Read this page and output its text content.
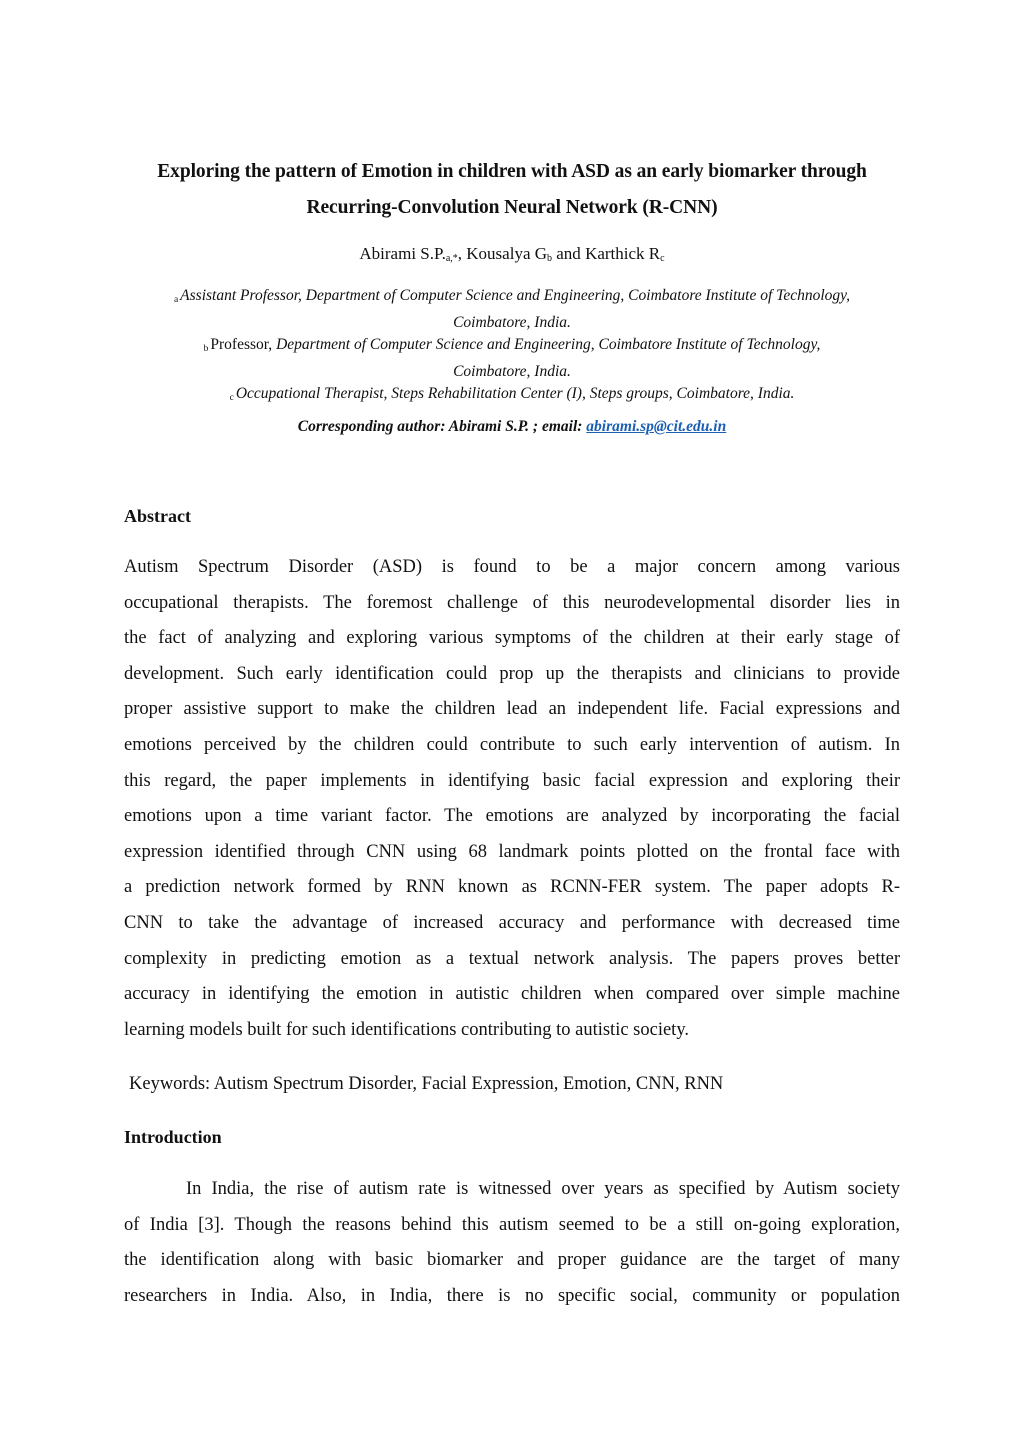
Exploring the pattern of Emotion in children with ASD as an early biomarker through
Recurring-Convolution Neural Network (R-CNN)
Abirami $S.P._{a,*}$, Kousalya $G_b$ and Karthick $R_c$
$_a$ Assistant Professor, Department of Computer Science and Engineering, Coimbatore Institute of Technology,
Coimbatore, India.
$_b$ Professor, Department of Computer Science and Engineering, Coimbatore Institute of Technology,
Coimbatore, India.
$_c$ Occupational Therapist, Steps Rehabilitation Center (I), Steps groups, Coimbatore, India.
Corresponding author: Abirami S.P. ; email: abirami.sp@cit.edu.in
Abstract
Autism Spectrum Disorder (ASD) is found to be a major concern among various
occupational therapists. The foremost challenge of this neurodevelopmental disorder lies in
the fact of analyzing and exploring various symptoms of the children at their early stage of
development. Such early identification could prop up the therapists and clinicians to provide
proper assistive support to make the children lead an independent life. Facial expressions and
emotions perceived by the children could contribute to such early intervention of autism. In
this regard, the paper implements in identifying basic facial expression and exploring their
emotions upon a time variant factor. The emotions are analyzed by incorporating the facial
expression identified through CNN using 68 landmark points plotted on the frontal face with
a prediction network formed by RNN known as RCNN-FER system. The paper adopts R-
CNN to take the advantage of increased accuracy and performance with decreased time
complexity in predicting emotion as a textual network analysis. The papers proves better
accuracy in identifying the emotion in autistic children when compared over simple machine
learning models built for such identifications contributing to autistic society.
Keywords: Autism Spectrum Disorder, Facial Expression, Emotion, CNN, RNN
Introduction
In India, the rise of autism rate is witnessed over years as specified by Autism society
of India [3]. Though the reasons behind this autism seemed to be a still on-going exploration,
the identification along with basic biomarker and proper guidance are the target of many
researchers in India. Also, in India, there is no specific social, community or population
